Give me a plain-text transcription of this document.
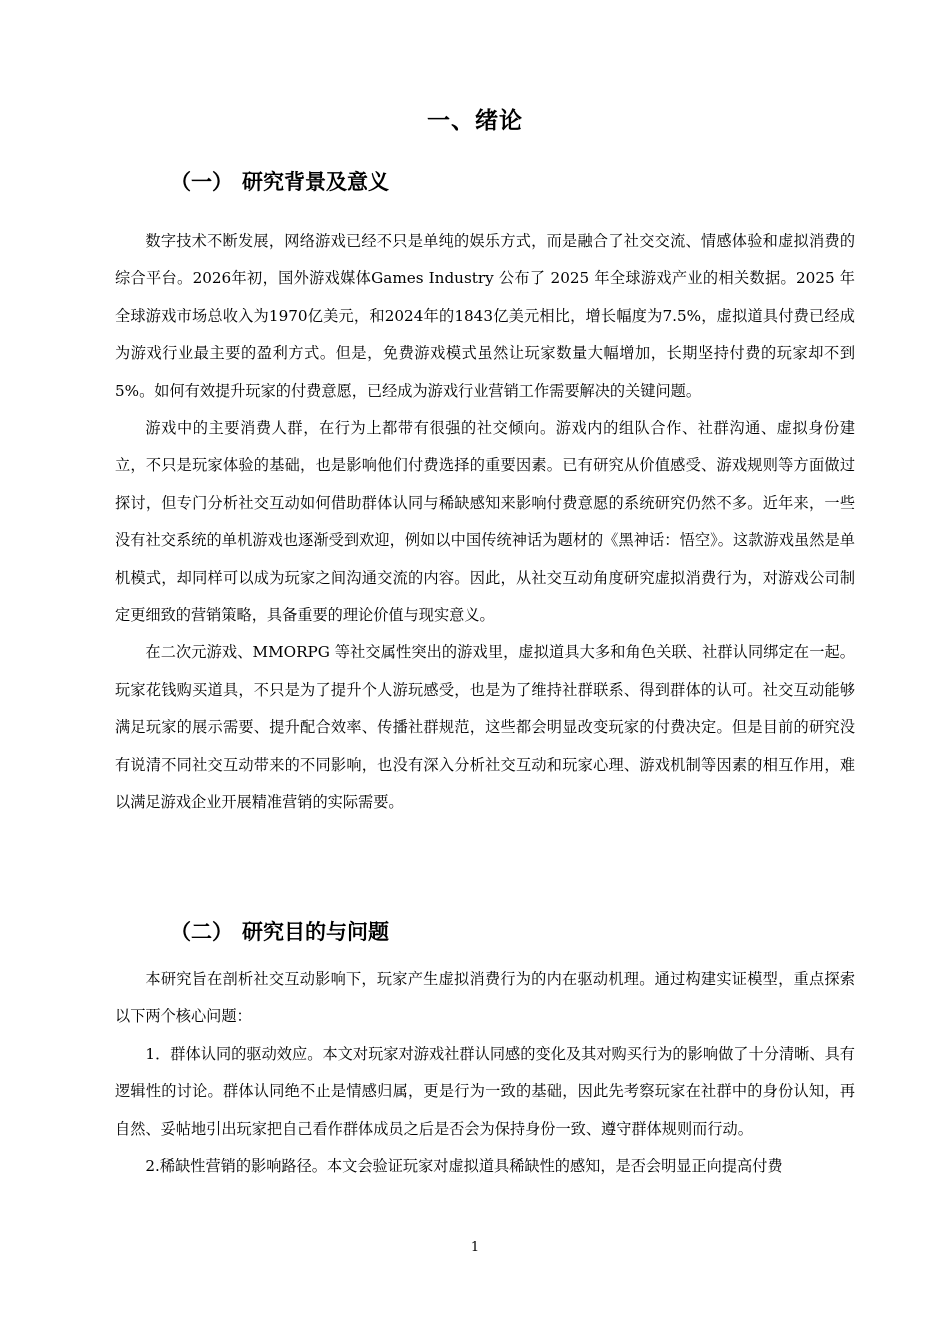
一、绪论
（一） 研究背景及意义

数字技术不断发展，网络游戏已经不只是单纯的娱乐方式，而是融合了社交交流、情感体验和虚拟消费的综合平台。2026年初，国外游戏媒体Games Industry 公布了 2025 年全球游戏产业的相关数据。2025 年全球游戏市场总收入为1970亿美元，和2024年的1843亿美元相比，增长幅度为7.5%，虚拟道具付费已经成为游戏行业最主要的盈利方式。但是，免费游戏模式虽然让玩家数量大幅增加，长期坚持付费的玩家却不到5%。如何有效提升玩家的付费意愿，已经成为游戏行业营销工作需要解决的关键问题。

游戏中的主要消费人群，在行为上都带有很强的社交倾向。游戏内的组队合作、社群沟通、虚拟身份建立，不只是玩家体验的基础，也是影响他们付费选择的重要因素。已有研究从价值感受、游戏规则等方面做过探讨，但专门分析社交互动如何借助群体认同与稀缺感知来影响付费意愿的系统研究仍然不多。近年来，一些没有社交系统的单机游戏也逐渐受到欢迎，例如以中国传统神话为题材的《黑神话：悟空》。这款游戏虽然是单机模式，却同样可以成为玩家之间沟通交流的内容。因此，从社交互动角度研究虚拟消费行为，对游戏公司制定更细致的营销策略，具备重要的理论价值与现实意义。

在二次元游戏、MMORPG 等社交属性突出的游戏里，虚拟道具大多和角色关联、社群认同绑定在一起。玩家花钱购买道具，不只是为了提升个人游玩感受，也是为了维持社群联系、得到群体的认可。社交互动能够满足玩家的展示需要、提升配合效率、传播社群规范，这些都会明显改变玩家的付费决定。但是目前的研究没有说清不同社交互动带来的不同影响，也没有深入分析社交互动和玩家心理、游戏机制等因素的相互作用，难以满足游戏企业开展精准营销的实际需要。

（二） 研究目的与问题

本研究旨在剖析社交互动影响下，玩家产生虚拟消费行为的内在驱动机理。通过构建实证模型，重点探索以下两个核心问题：

1．群体认同的驱动效应。本文对玩家对游戏社群认同感的变化及其对购买行为的影响做了十分清晰、具有逻辑性的讨论。群体认同绝不止是情感归属，更是行为一致的基础，因此先考察玩家在社群中的身份认知，再自然、妥帖地引出玩家把自己看作群体成员之后是否会为保持身份一致、遵守群体规则而行动。

2.稀缺性营销的影响路径。本文会验证玩家对虚拟道具稀缺性的感知，是否会明显正向提高付费

1
